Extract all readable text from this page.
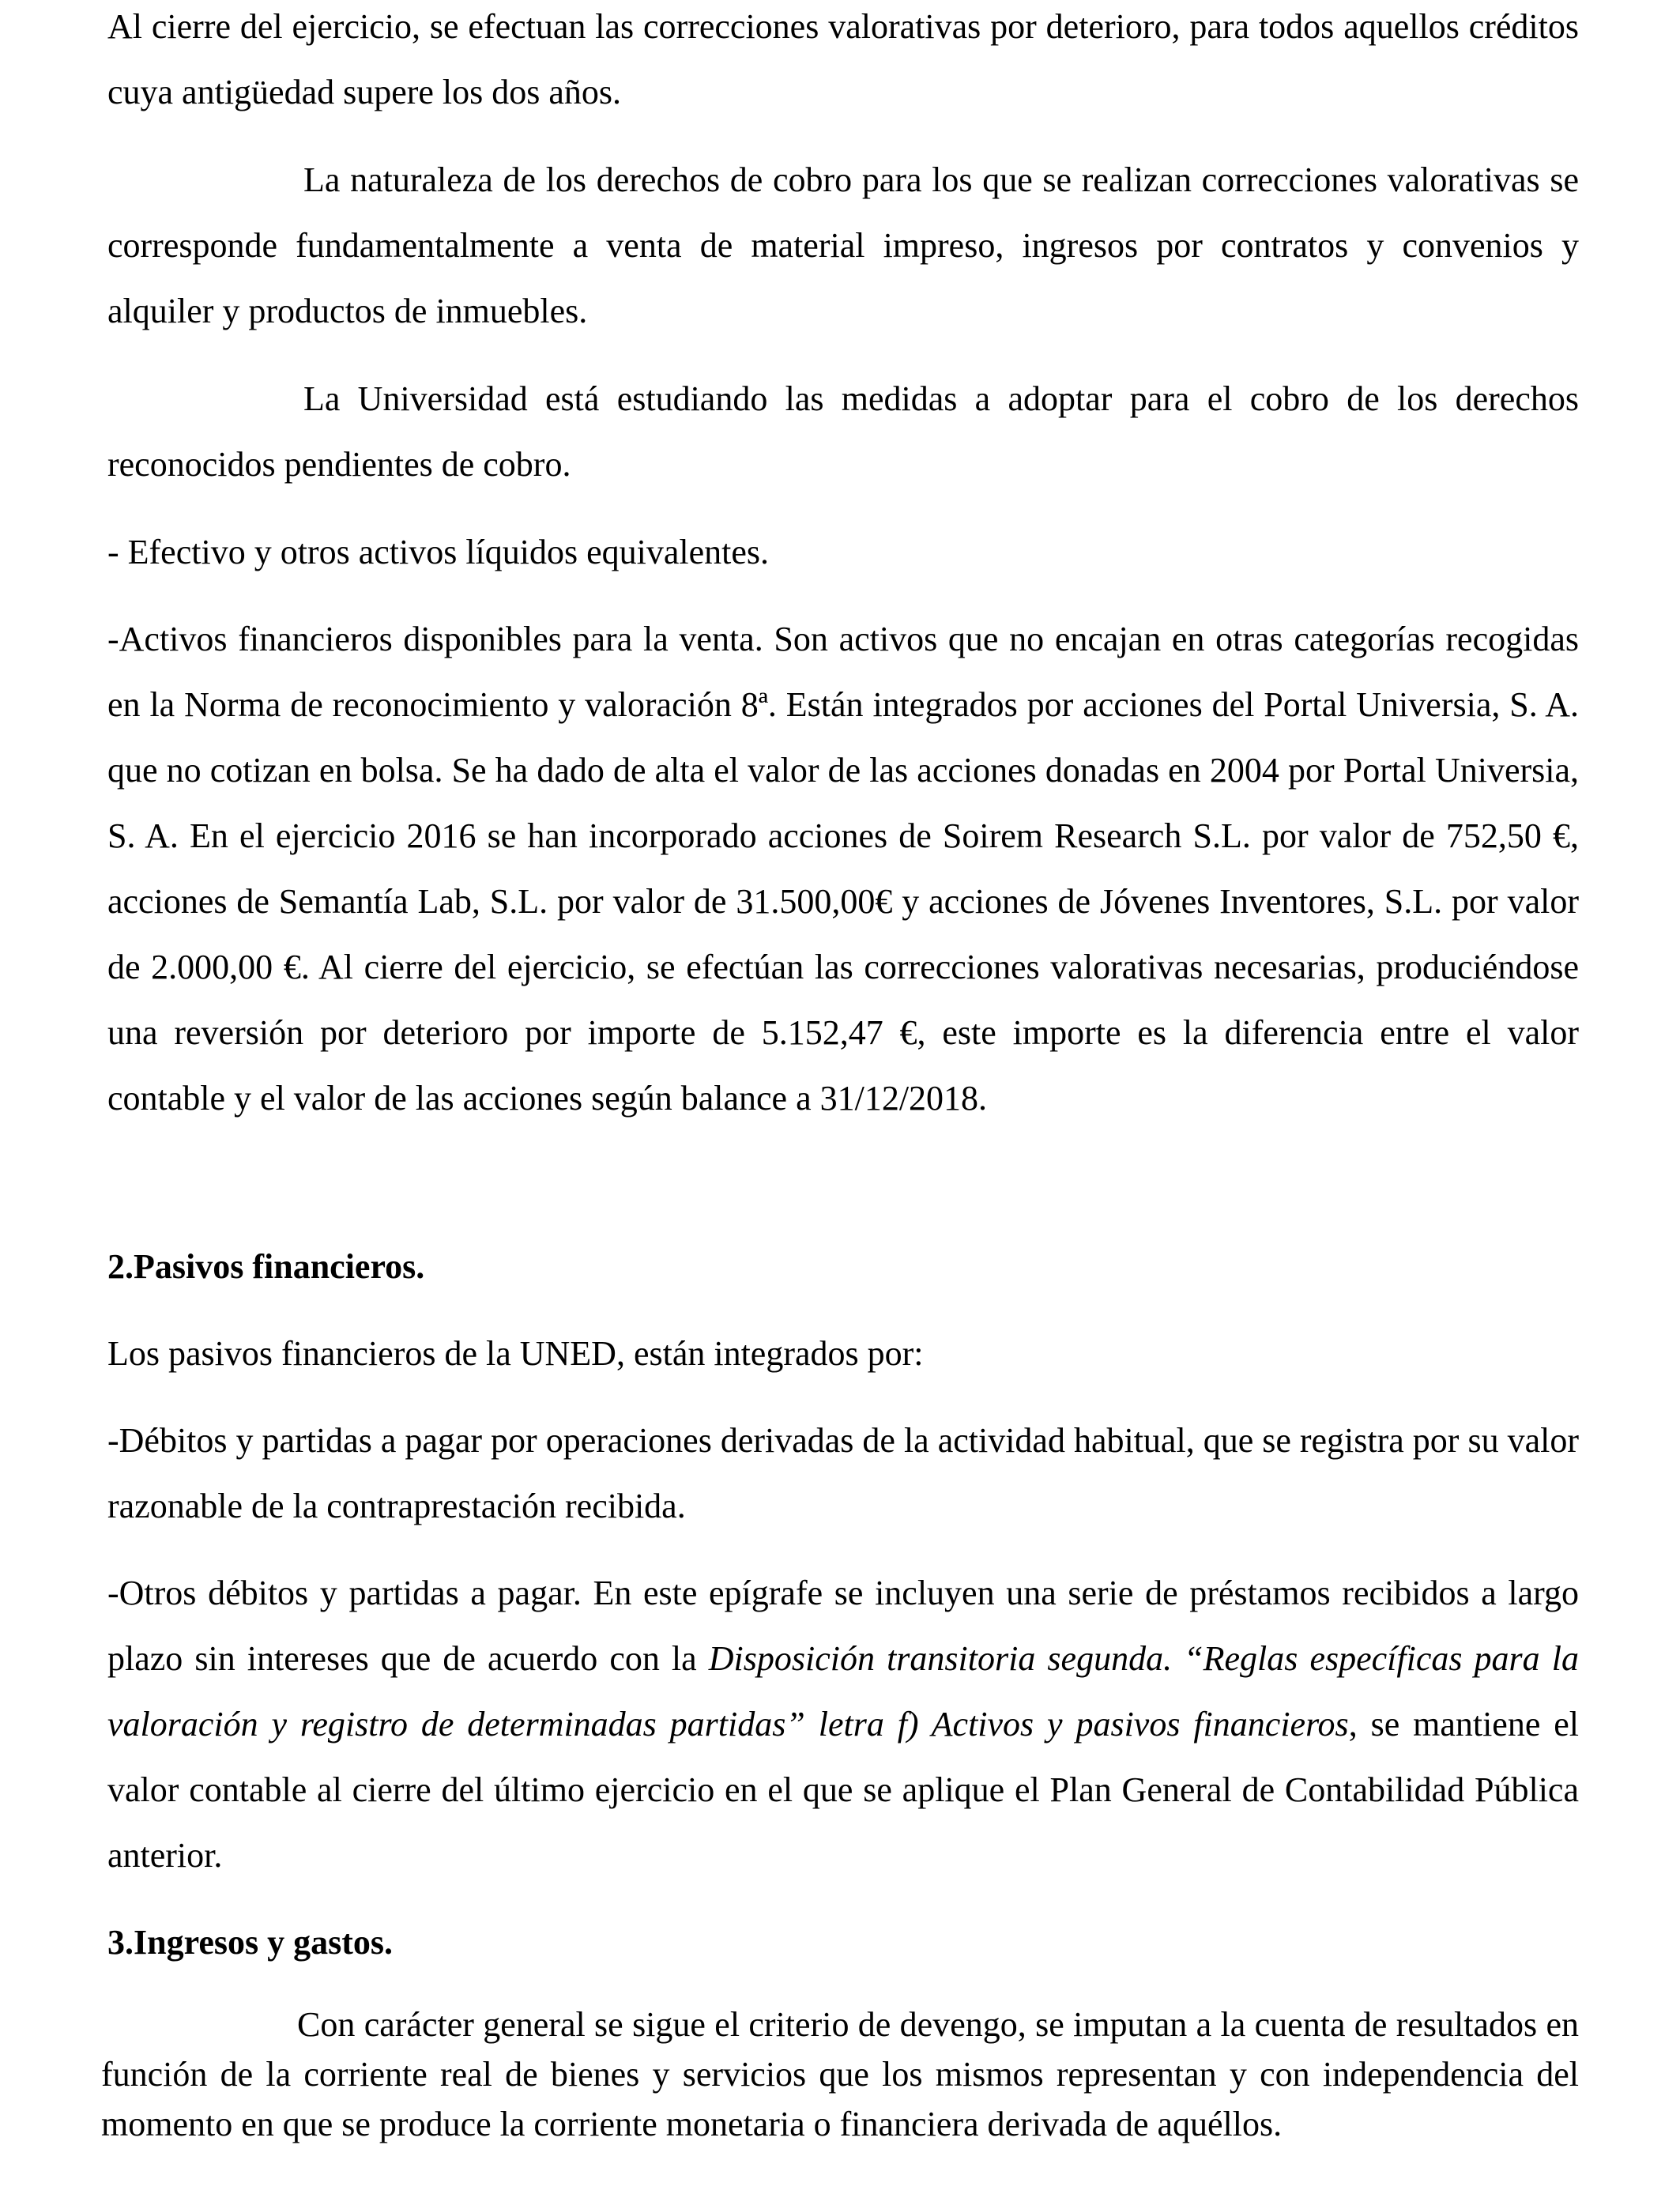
Al cierre del ejercicio, se efectuan las correcciones valorativas por deterioro, para todos aquellos créditos cuya antigüedad supere los dos años.

La naturaleza de los derechos de cobro para los que se realizan correcciones valorativas se corresponde fundamentalmente a venta de material impreso, ingresos por contratos y convenios y alquiler y productos de inmuebles.

La Universidad está estudiando las medidas a adoptar para el cobro de los derechos reconocidos pendientes de cobro.

- Efectivo y otros activos líquidos equivalentes.

-Activos financieros disponibles para la venta. Son activos que no encajan en otras categorías recogidas en la Norma de reconocimiento y valoración 8ª. Están integrados por acciones del Portal Universia, S. A. que no cotizan en bolsa. Se ha dado de alta el valor de las acciones donadas en 2004 por Portal Universia, S. A. En el ejercicio 2016 se han incorporado acciones de Soirem Research S.L. por valor de 752,50 €, acciones de Semantía Lab, S.L. por valor de 31.500,00€ y acciones de Jóvenes Inventores, S.L. por valor de 2.000,00 €. Al cierre del ejercicio, se efectúan las correcciones valorativas necesarias, produciéndose una reversión por deterioro por importe de 5.152,47 €, este importe es la diferencia entre el valor contable y el valor de las acciones según balance a 31/12/2018.

2.Pasivos financieros.

Los pasivos financieros de la UNED, están integrados por:

-Débitos y partidas a pagar por operaciones derivadas de la actividad habitual, que se registra por su valor razonable de la contraprestación recibida.

-Otros débitos y partidas a pagar. En este epígrafe se incluyen una serie de préstamos recibidos a largo plazo sin intereses que de acuerdo con la Disposición transitoria segunda. “Reglas específicas para la valoración y registro de determinadas partidas” letra f) Activos y pasivos financieros, se mantiene el valor contable al cierre del último ejercicio en el que se aplique el Plan General de Contabilidad Pública anterior.

3.Ingresos y gastos.

Con carácter general se sigue el criterio de devengo, se imputan a la cuenta de resultados en función de la corriente real de bienes y servicios que los mismos representan y con independencia del momento en que se produce la corriente monetaria o financiera derivada de aquéllos.
